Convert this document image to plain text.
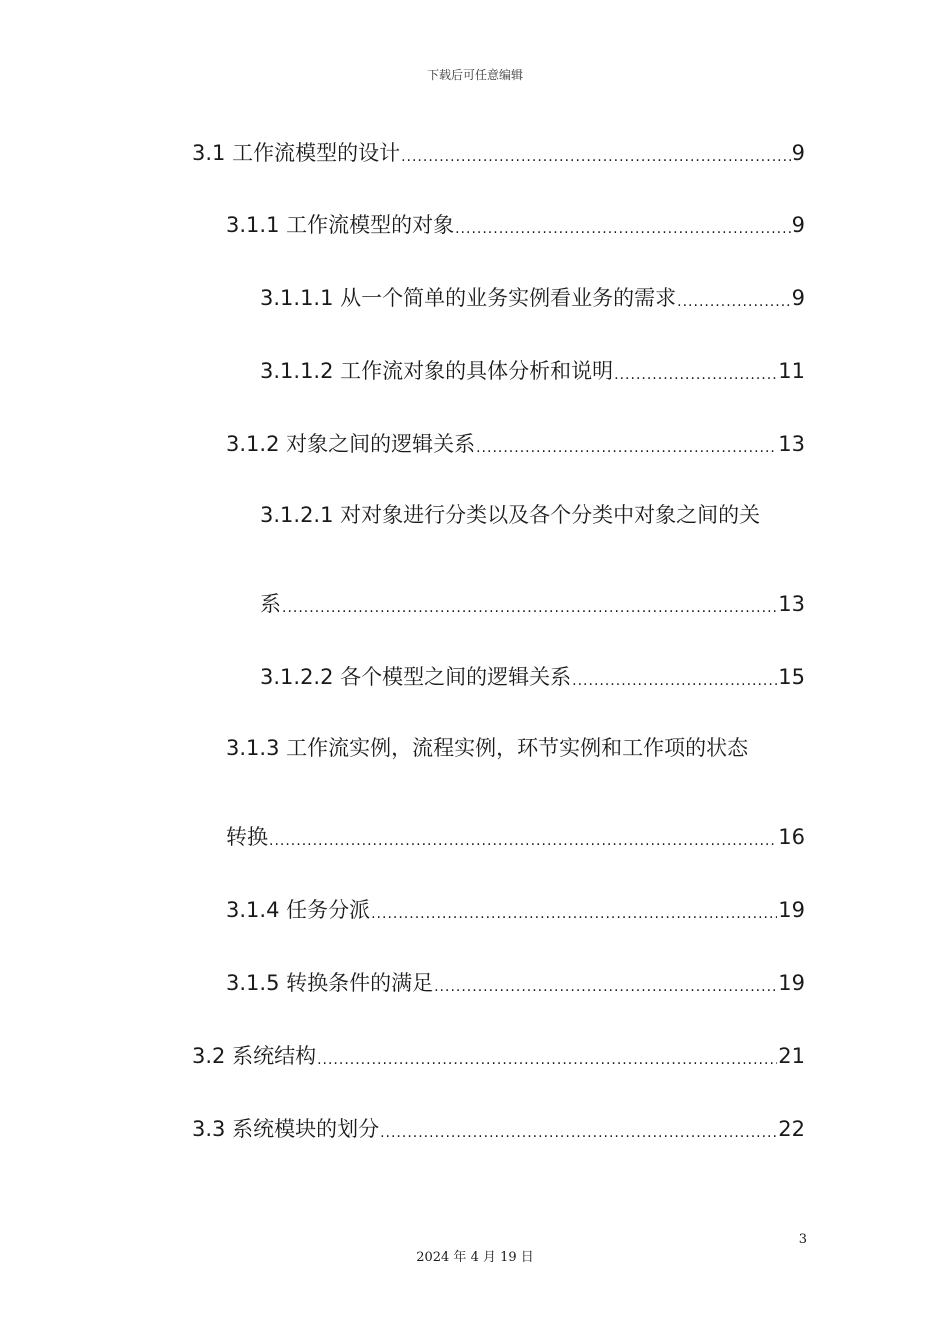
下载后可任意编辑
3.1 工作流模型的设计 .....	9
3.1.1 工作流模型的对象 .....	9
3.1.1.1 从一个简单的业务实例看业务的需求 .....	9
3.1.1.2 工作流对象的具体分析和说明 .....	11
3.1.2 对象之间的逻辑关系 .....	13
3.1.2.1 对对象进行分类以及各个分类中对象之间的关
系 .....	13
3.1.2.2 各个模型之间的逻辑关系 .....	15
3.1.3 工作流实例，流程实例，环节实例和工作项的状态
转换 .....	16
3.1.4 任务分派 .....	19
3.1.5 转换条件的满足 .....	19
3.2 系统结构 .....	21
3.3 系统模块的划分 .....	22
3
2024 年 4 月 19 日
